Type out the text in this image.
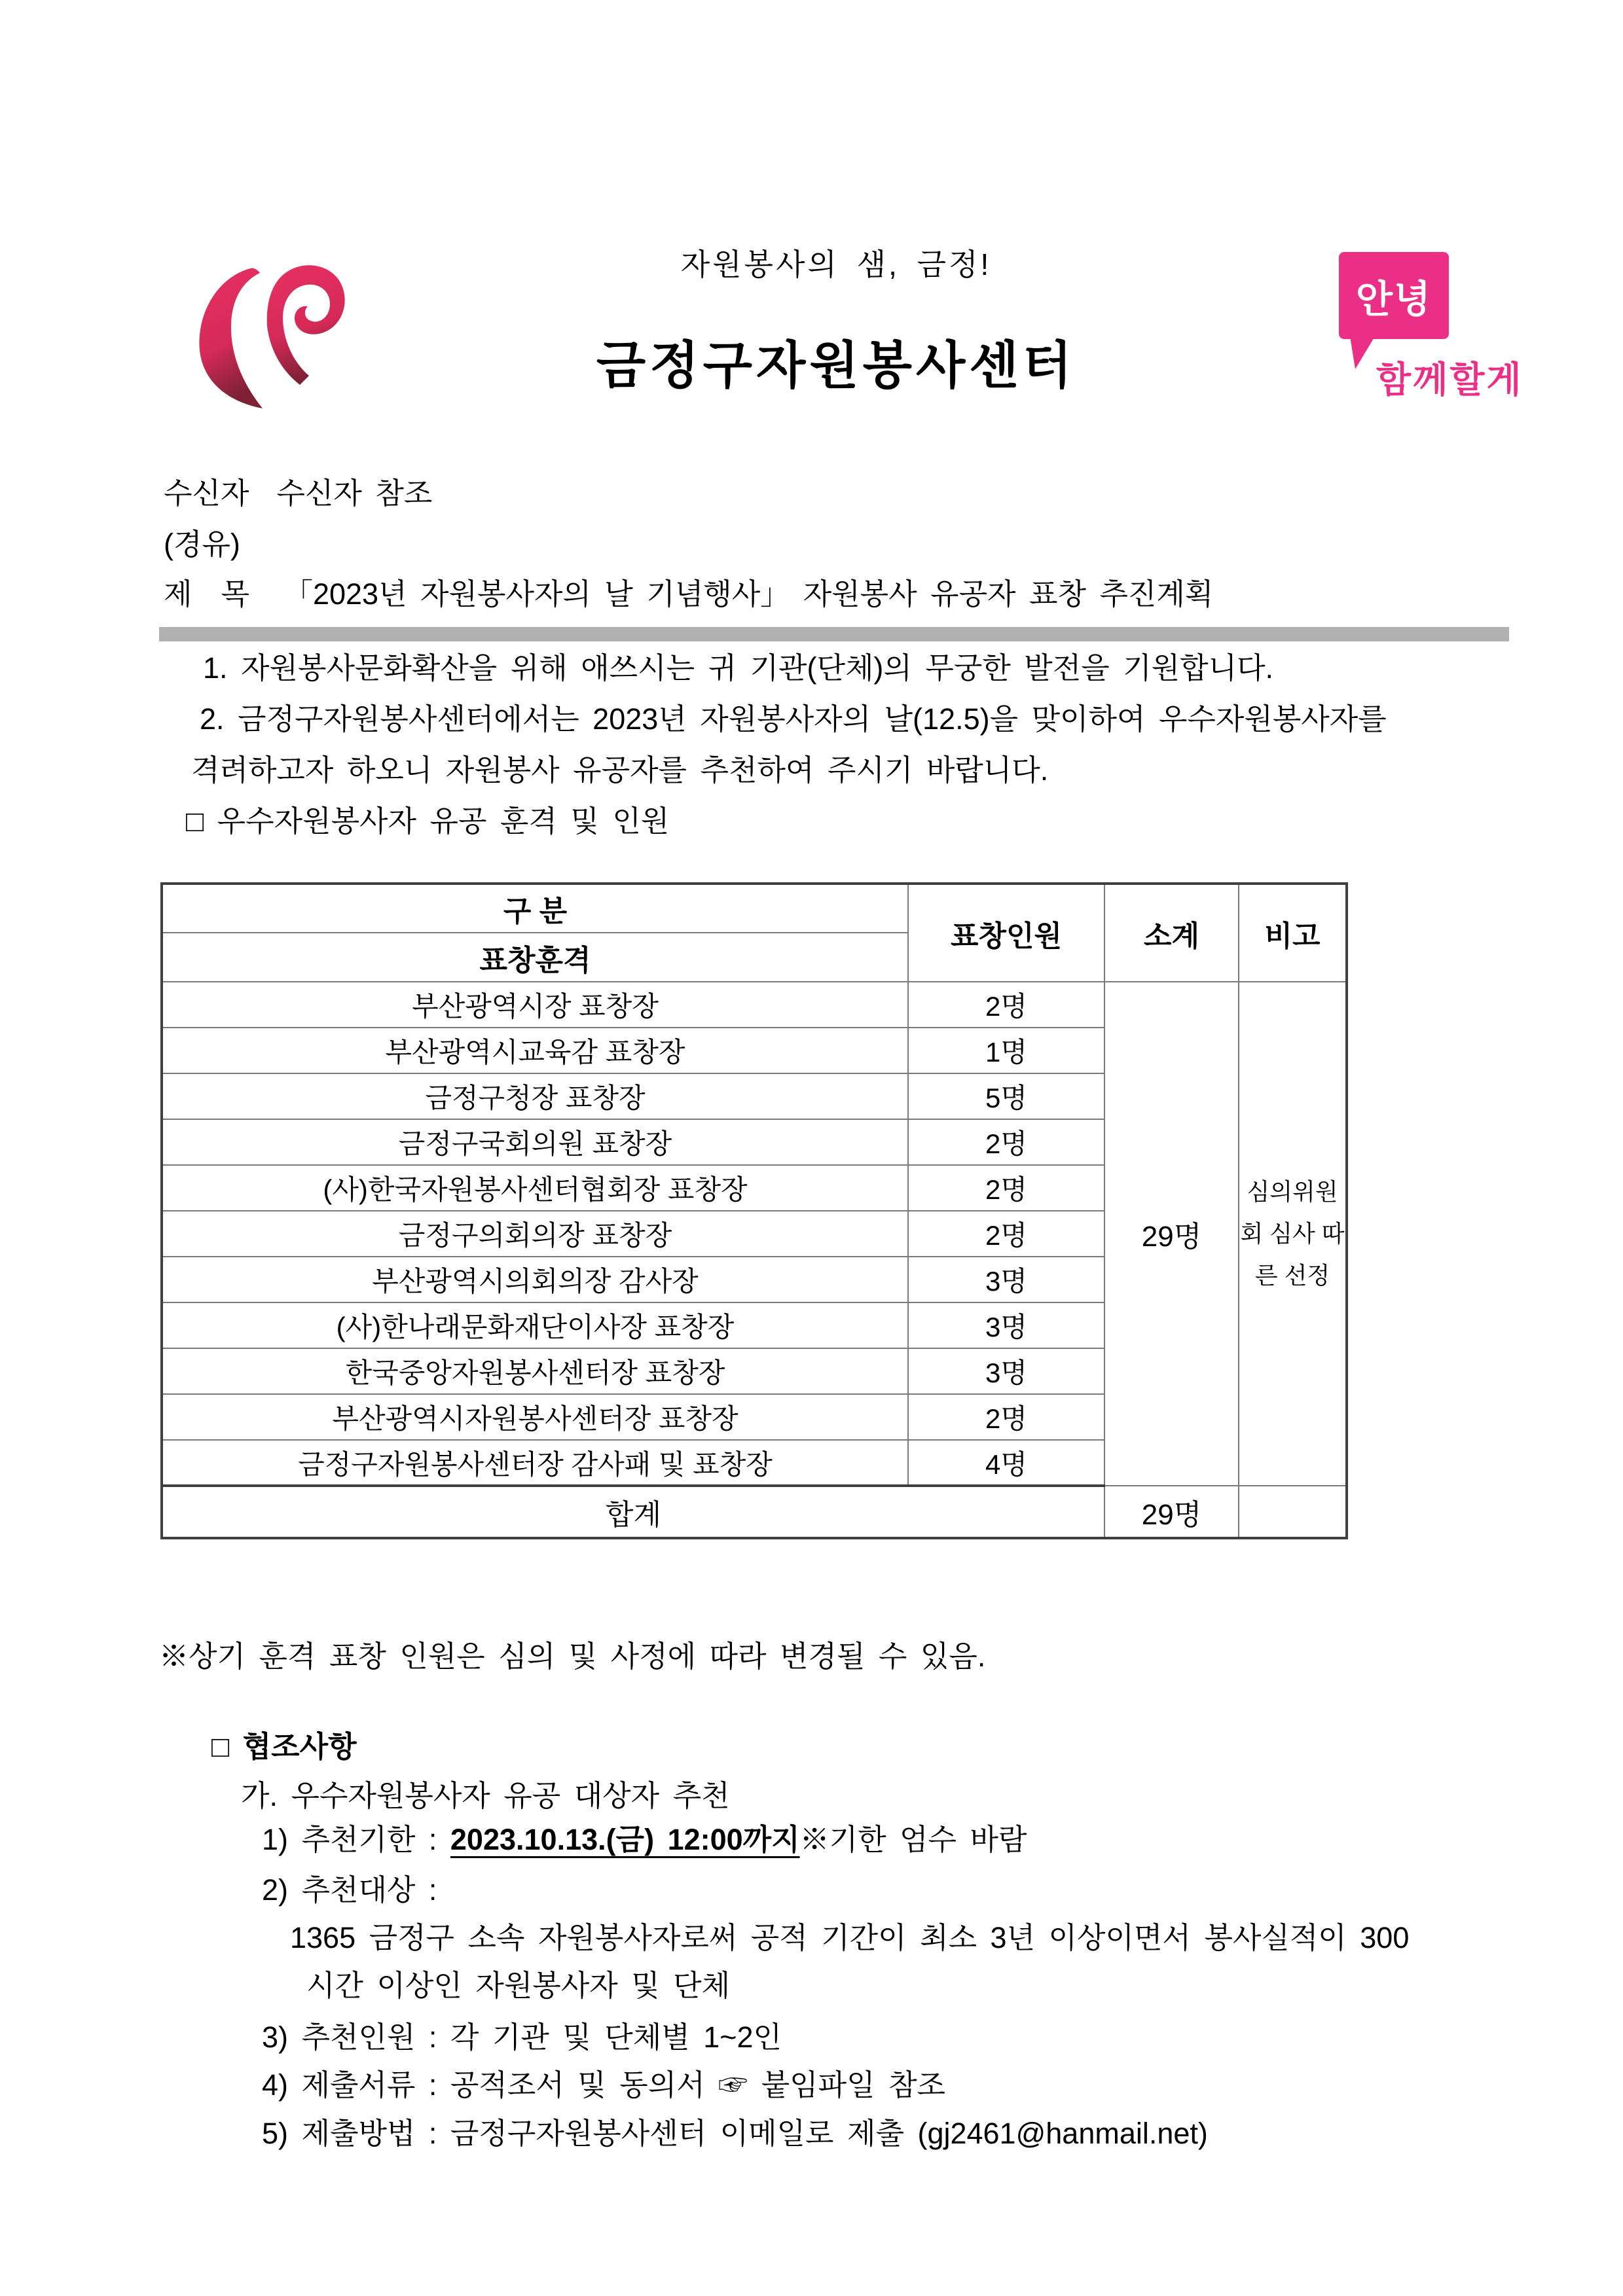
자원봉사의 샘, 금정!
금정구자원봉사센터
안녕
함께할게
수신자 수신자 참조
(경유)
제 목 「2023년 자원봉사자의 날 기념행사」 자원봉사 유공자 표창 추진계획
1. 자원봉사문화확산을 위해 애쓰시는 귀 기관(단체)의 무궁한 발전을 기원합니다.
2. 금정구자원봉사센터에서는 2023년 자원봉사자의 날(12.5)을 맞이하여 우수자원봉사자를
격려하고자 하오니 자원봉사 유공자를 추천하여 주시기 바랍니다.
□ 우수자원봉사자 유공 훈격 및 인원
구 분	표창인원	소계	비고
표창훈격			
부산광역시장 표창장	2명	29명	심의위원회 심사 따른 선정
부산광역시교육감 표창장	1명		
금정구청장 표창장	5명		
금정구국회의원 표창장	2명		
(사)한국자원봉사센터협회장 표창장	2명		
금정구의회의장 표창장	2명		
부산광역시의회의장 감사장	3명		
(사)한나래문화재단이사장 표창장	3명		
한국중앙자원봉사센터장 표창장	3명		
부산광역시자원봉사센터장 표창장	2명		
금정구자원봉사센터장 감사패 및 표창장	4명		
합계		29명	
※상기 훈격 표창 인원은 심의 및 사정에 따라 변경될 수 있음.
□ 협조사항
가. 우수자원봉사자 유공 대상자 추천
1) 추천기한 : 2023.10.13.(금) 12:00까지※기한 엄수 바람
2) 추천대상 :
1365 금정구 소속 자원봉사자로써 공적 기간이 최소 3년 이상이면서 봉사실적이 300
시간 이상인 자원봉사자 및 단체
3) 추천인원 : 각 기관 및 단체별 1~2인
4) 제출서류 : 공적조서 및 동의서 ☞ 붙임파일 참조
5) 제출방법 : 금정구자원봉사센터 이메일로 제출 (gj2461@hanmail.net)
